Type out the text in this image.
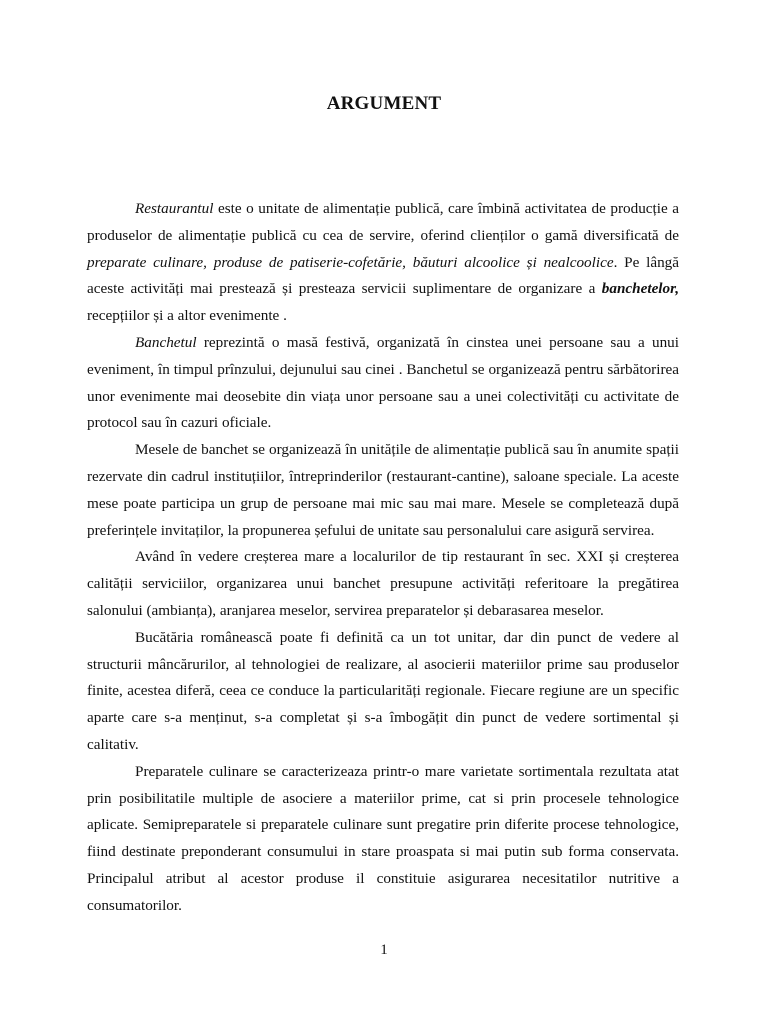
ARGUMENT

Restaurantul este o unitate de alimentație publică, care îmbină activitatea de producție a produselor de alimentație publică cu cea de servire, oferind clienților o gamă diversificată de preparate culinare, produse de patiserie-cofetărie, băuturi alcoolice și nealcoolice. Pe lângă aceste activități mai prestează și presteaza servicii suplimentare de organizare a banchetelor, recepțiilor și a altor evenimente .

Banchetul reprezintă o masă festivă, organizată în cinstea unei persoane sau a unui eveniment, în timpul prînzului, dejunului sau cinei . Banchetul se organizează pentru sărbătorirea unor evenimente mai deosebite din viața unor persoane sau a unei colectivități cu activitate de protocol sau în cazuri oficiale.

Mesele de banchet se organizează în unitățile de alimentație publică sau în anumite spații rezervate din cadrul instituțiilor, întreprinderilor (restaurant-cantine), saloane speciale. La aceste mese poate participa un grup de persoane mai mic sau mai mare. Mesele se completează după preferințele invitaților, la propunerea șefului de unitate sau personalului care asigură servirea.

Având în vedere creșterea mare a localurilor de tip restaurant în sec. XXI și creșterea calității serviciilor, organizarea unui banchet presupune activități referitoare la pregătirea salonului (ambianța), aranjarea meselor, servirea preparatelor și debarasarea meselor.

Bucătăria românească poate fi definită ca un tot unitar, dar din punct de vedere al structurii mâncărurilor, al tehnologiei de realizare, al asocierii materiilor prime sau produselor finite, acestea diferă, ceea ce conduce la particularități regionale. Fiecare regiune are un specific aparte care s-a menținut, s-a completat și s-a îmbogățit din punct de vedere sortimental și calitativ.

Preparatele culinare se caracterizeaza printr-o mare varietate sortimentala rezultata atat prin posibilitatile multiple de asociere a materiilor prime, cat si prin procesele tehnologice aplicate. Semipreparatele si preparatele culinare sunt pregatire prin diferite procese tehnologice, fiind destinate preponderant consumului in stare proaspata si mai putin sub forma conservata. Principalul atribut al acestor produse il constituie asigurarea necesitatilor nutritive a consumatorilor.

1
